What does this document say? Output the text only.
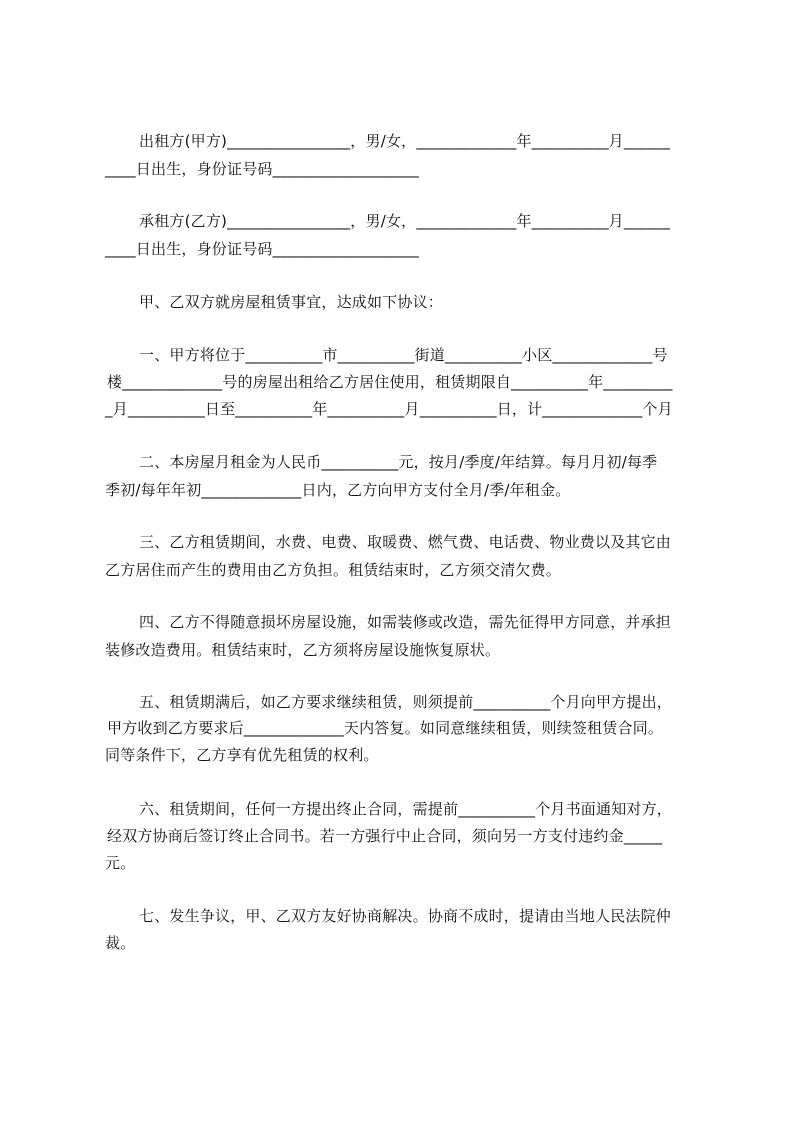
出租方(甲方)________________，男/女，_____________年__________月______
____日出生，身份证号码___________________
承租方(乙方)________________，男/女，_____________年__________月______
____日出生，身份证号码___________________
甲、乙双方就房屋租赁事宜，达成如下协议：
一、甲方将位于__________市__________街道__________小区_____________号
楼_____________号的房屋出租给乙方居住使用，租赁期限自__________年_________
_月__________日至__________年__________月__________日，计_____________个月
二、本房屋月租金为人民币__________元，按月/季度/年结算。每月月初/每季
季初/每年年初_____________日内，乙方向甲方支付全月/季/年租金。
三、乙方租赁期间，水费、电费、取暖费、燃气费、电话费、物业费以及其它由
乙方居住而产生的费用由乙方负担。租赁结束时，乙方须交清欠费。
四、乙方不得随意损坏房屋设施，如需装修或改造，需先征得甲方同意，并承担
装修改造费用。租赁结束时，乙方须将房屋设施恢复原状。
五、租赁期满后，如乙方要求继续租赁，则须提前__________个月向甲方提出，
甲方收到乙方要求后_____________天内答复。如同意继续租赁，则续签租赁合同。
同等条件下，乙方享有优先租赁的权利。
六、租赁期间，任何一方提出终止合同，需提前__________个月书面通知对方，
经双方协商后签订终止合同书。若一方强行中止合同，须向另一方支付违约金_____
元。
七、发生争议，甲、乙双方友好协商解决。协商不成时，提请由当地人民法院仲
裁。
